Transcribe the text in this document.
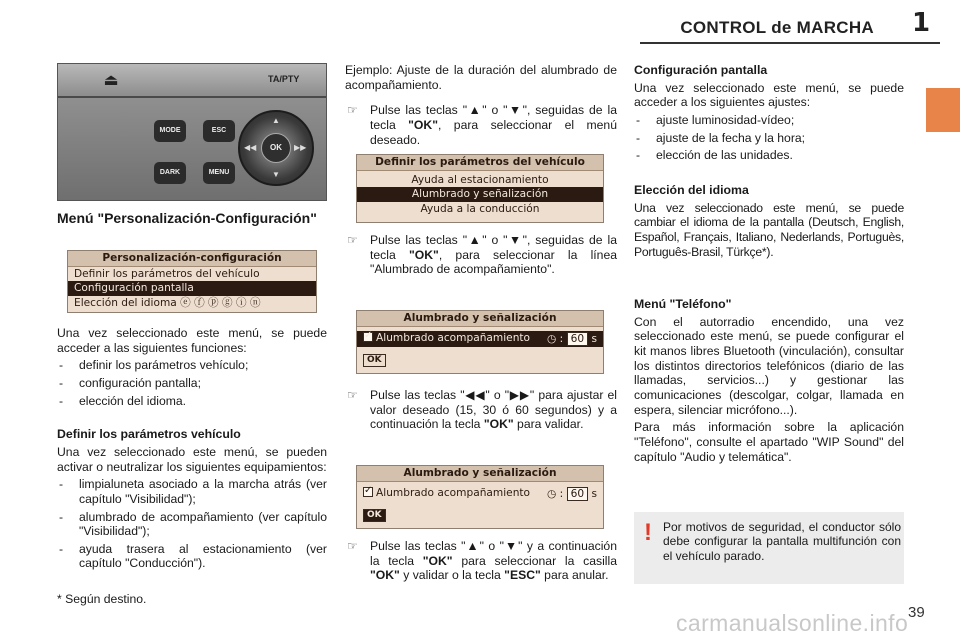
CONTROL de MARCHA 1
⏏	TA/PTY
MODE
DARK
ESC
MENU
▲
▼
◀◀	▶▶
OK
Menú "Personalización-Configuración"
Personalización-configuración
Definir los parámetros del vehículo
Configuración pantalla
Elección del idioma ⓔ ⓕ ⓟ ⓖ ⓘ ⓝ

Una vez seleccionado este menú, se puede acceder a las siguientes funciones:

- definir los parámetros vehículo;
- configuración pantalla;
- elección del idioma.
Definir los parámetros vehículo

Una vez seleccionado este menú, se pueden activar o neutralizar los siguientes equipamientos:

- limpialuneta asociado a la marcha atrás (ver capítulo "Visibilidad");
- alumbrado de acompañamiento (ver capítulo "Visibilidad");
- ayuda trasera al estacionamiento (ver capítulo "Conducción").
* Según destino.

Ejemplo: Ajuste de la duración del alumbrado de acompañamiento.

☞ Pulse las teclas "▲" o "▼", seguidas de la tecla "OK", para seleccionar el menú deseado.
Definir los parámetros del vehículo
Ayuda al estacionamiento
Alumbrado y señalización
Ayuda a la conducción
☞ Pulse las teclas "▲" o "▼", seguidas de la tecla "OK", para seleccionar la línea "Alumbrado de acompañamiento".
Alumbrado y señalización
✓Alumbrado acompañamiento ◷ : 60 s
OK
☞ Pulse las teclas "◀◀" o "▶▶" para ajustar el valor deseado (15, 30 ó 60 segundos) y a continuación la tecla "OK" para validar.
Alumbrado y señalización
✓Alumbrado acompañamiento ◷ : 60 s
OK
☞ Pulse las teclas "▲" o "▼" y a continuación la tecla "OK" para seleccionar la casilla "OK" y validar o la tecla "ESC" para anular.
Configuración pantalla

Una vez seleccionado este menú, se puede acceder a los siguientes ajustes:

- ajuste luminosidad-vídeo;
- ajuste de la fecha y la hora;
- elección de las unidades.
Elección del idioma

Una vez seleccionado este menú, se puede cambiar el idioma de la pantalla (Deutsch, English, Español, Français, Italiano, Nederlands, Portuguès, Português-Brasil, Türkçe*).

Menú "Teléfono"

Con el autorradio encendido, una vez seleccionado este menú, se puede configurar el kit manos libres Bluetooth (vinculación), consultar los distintos directorios telefónicos (diario de las llamadas, servicios...) y gestionar las comunicaciones (descolgar, colgar, llamada en espera, silenciar micrófono...).

Para más información sobre la aplicación "Teléfono", consulte el apartado "WIP Sound" del capítulo "Audio y telemática".

! Por motivos de seguridad, el conductor sólo debe configurar la pantalla multifunción con el vehículo parado.
39
carmanualsonline.info
